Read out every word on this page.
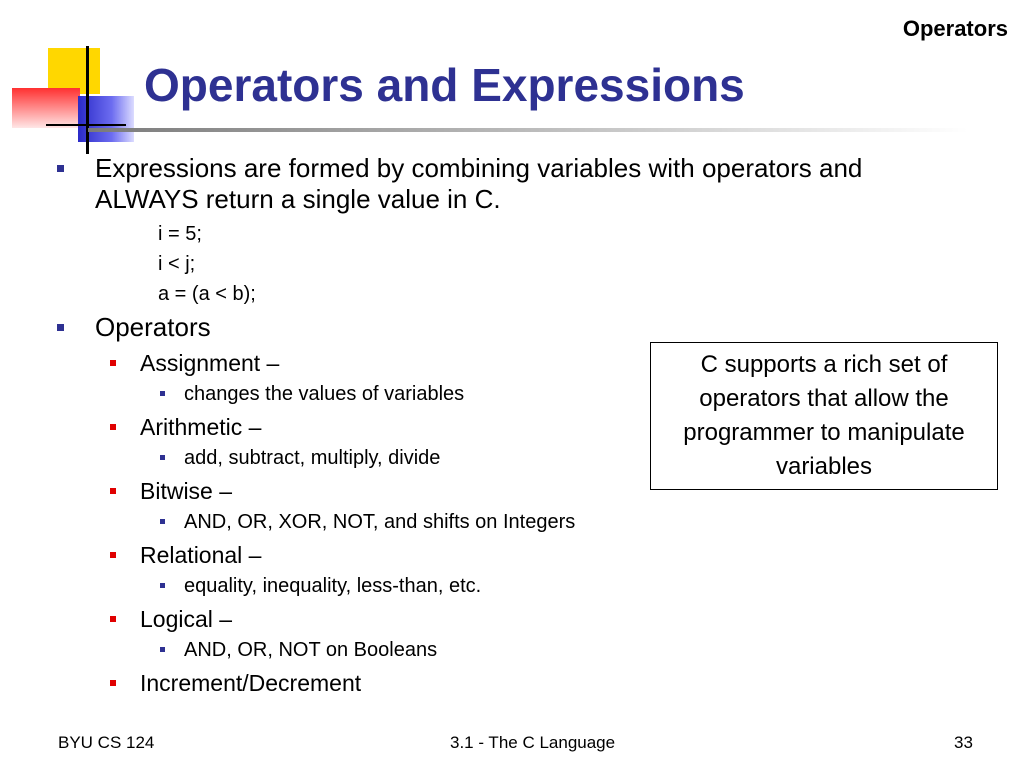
Operators
Operators and Expressions
Expressions are formed by combining variables with operators and ALWAYS return a single value in C.
i = 5;
i < j;
a = (a < b);
Operators
Assignment –
changes the values of variables
Arithmetic –
add, subtract, multiply, divide
Bitwise –
AND, OR, XOR, NOT, and shifts on Integers
Relational –
equality, inequality, less-than, etc.
Logical –
AND, OR, NOT on Booleans
Increment/Decrement
C supports a rich set of operators that allow the programmer to manipulate variables
BYU CS 124	3.1 - The C Language	33
